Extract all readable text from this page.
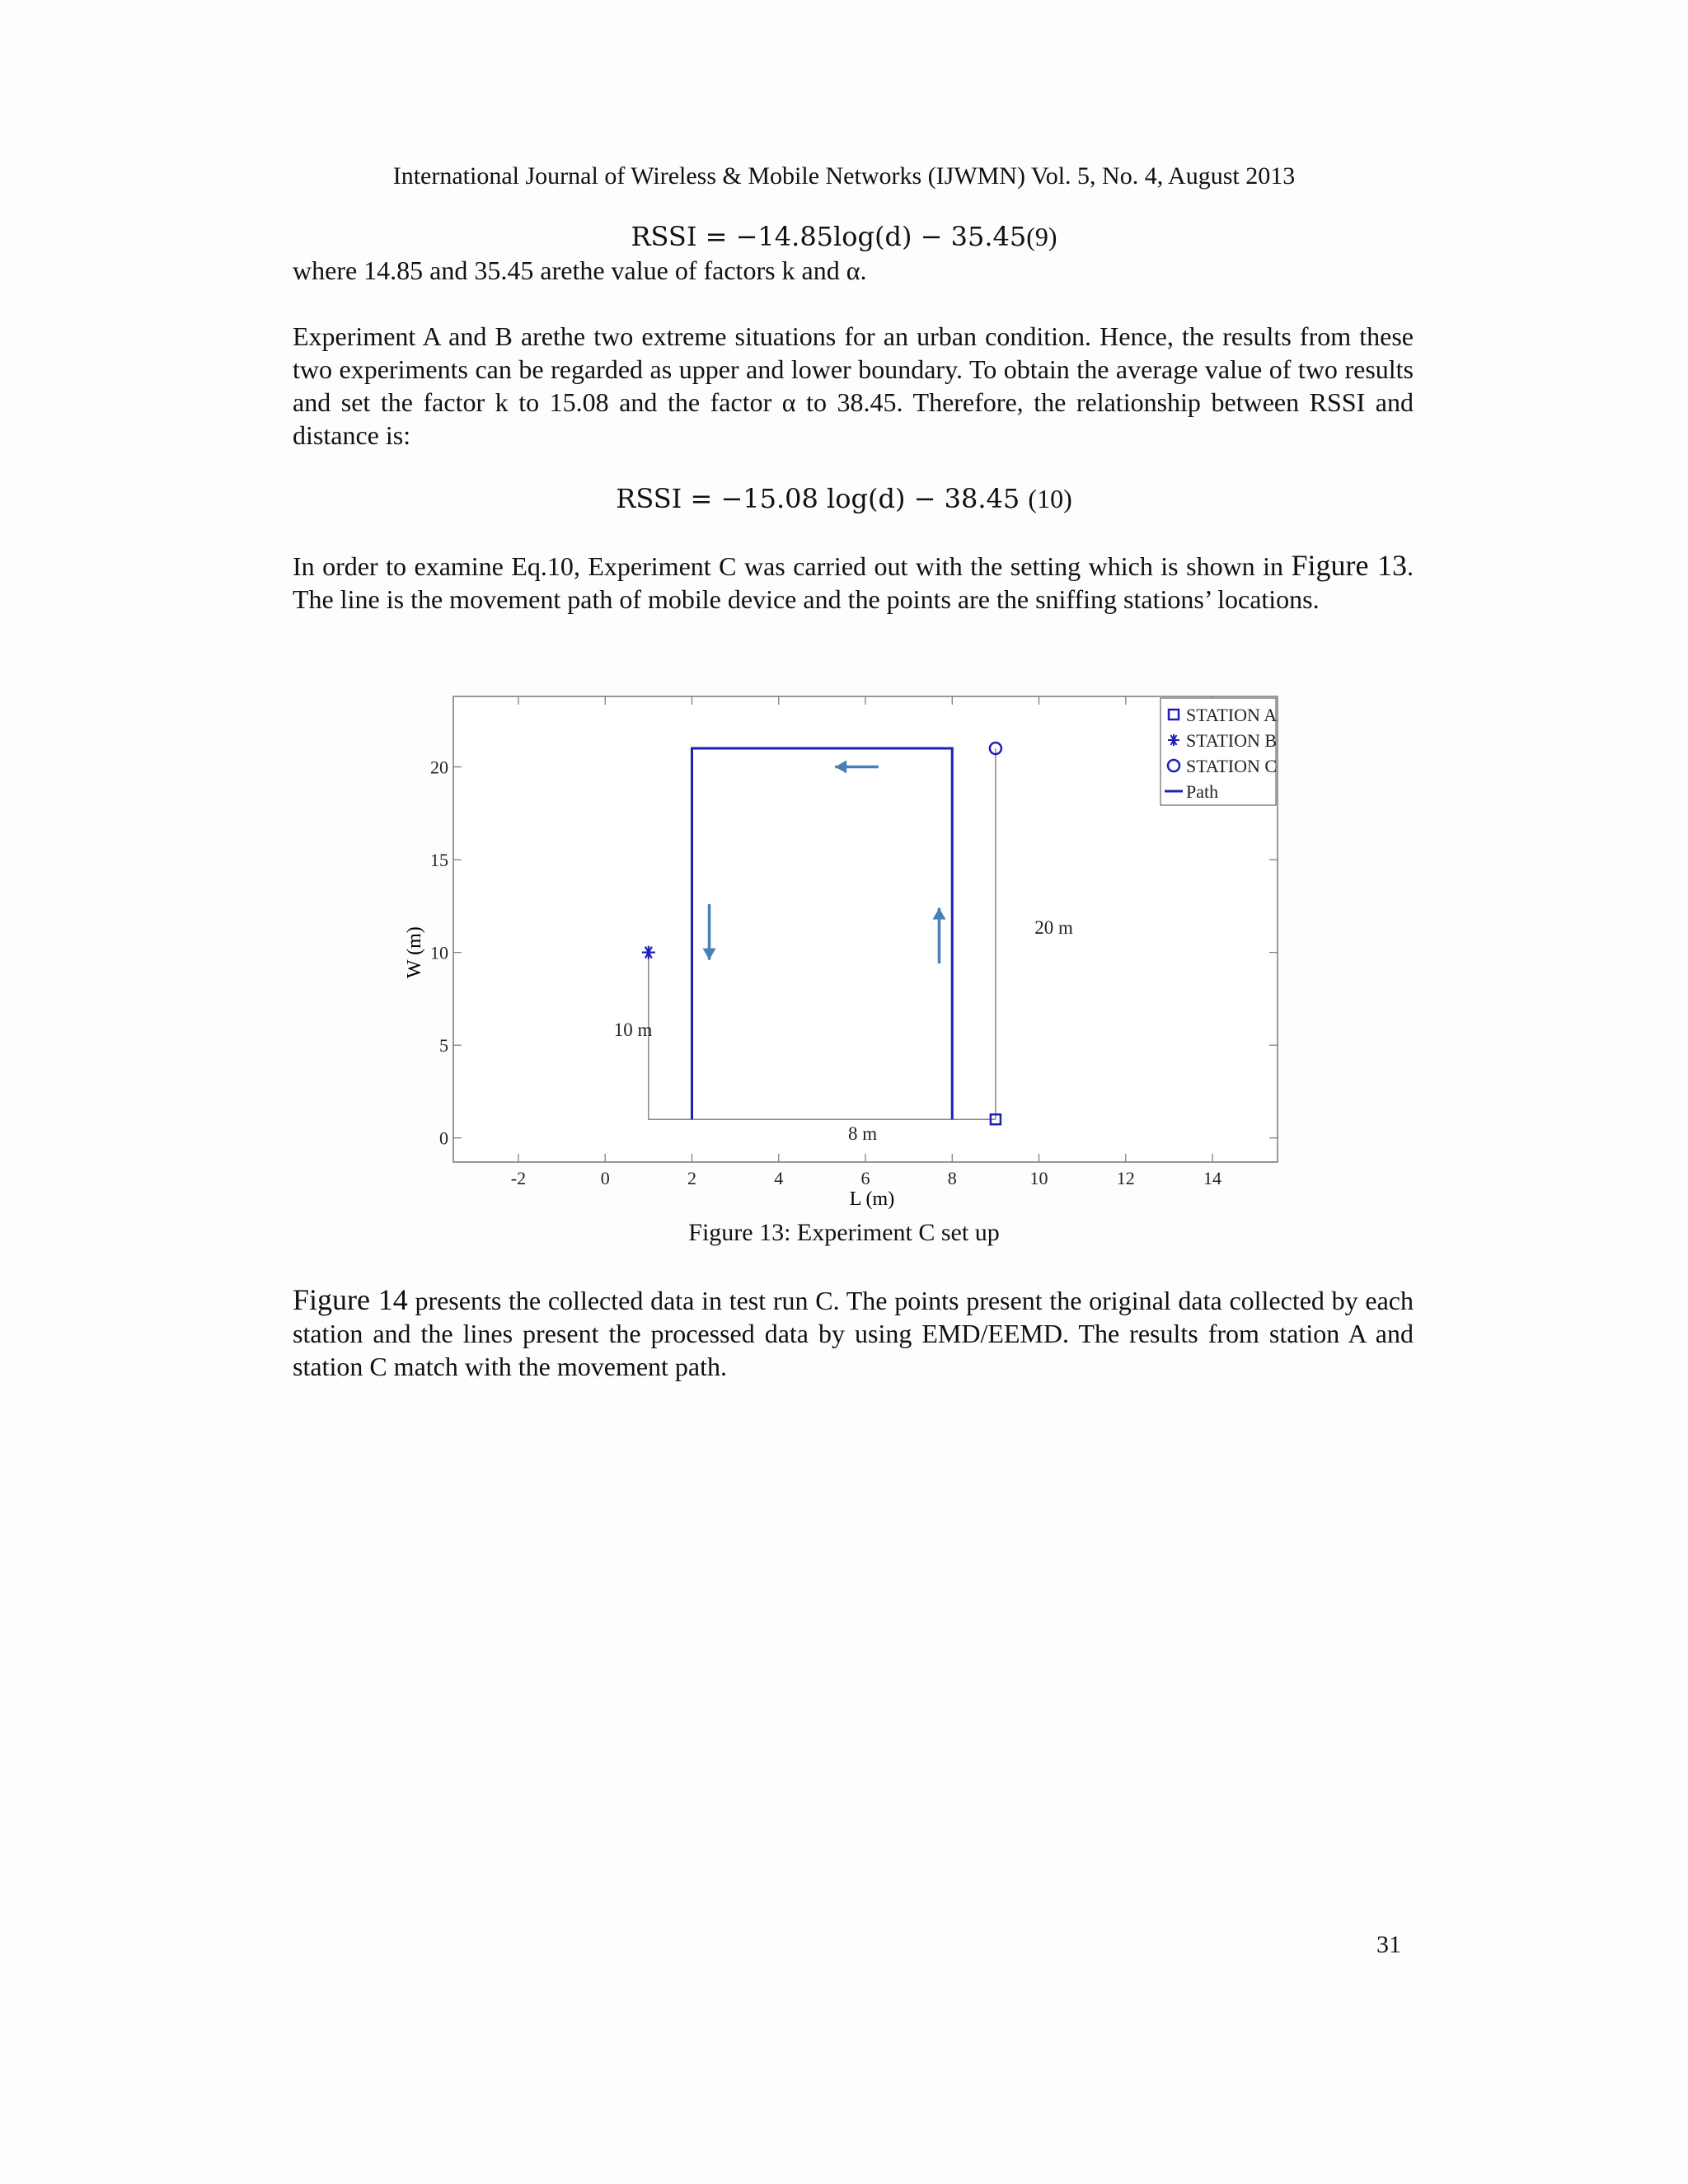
International Journal of Wireless & Mobile Networks (IJWMN) Vol. 5, No. 4, August 2013
RSSI = −14.85log(d) − 35.45(9)
where 14.85 and 35.45 arethe value of factors k and α.
Experiment A and B arethe two extreme situations for an urban condition. Hence, the results from these two experiments can be regarded as upper and lower boundary. To obtain the average value of two results and set the factor k to 15.08 and the factor α to 38.45. Therefore, the relationship between RSSI and distance is:
RSSI = −15.08 log(d) − 38.45 (10)
In order to examine Eq.10, Experiment C was carried out with the setting which is shown in Figure 13. The line is the movement path of mobile device and the points are the sniffing stations’ locations.
-2	0	2	4	6	8	10	12	14
0
5
10
15
20
10 m
8 m
20 m
STATION A
STATION B
STATION C
Path
L (m)
W (m)
Figure 13: Experiment C set up
Figure 14 presents the collected data in test run C. The points present the original data collected by each station and the lines present the processed data by using EMD/EEMD. The results from station A and station C match with the movement path.
31
